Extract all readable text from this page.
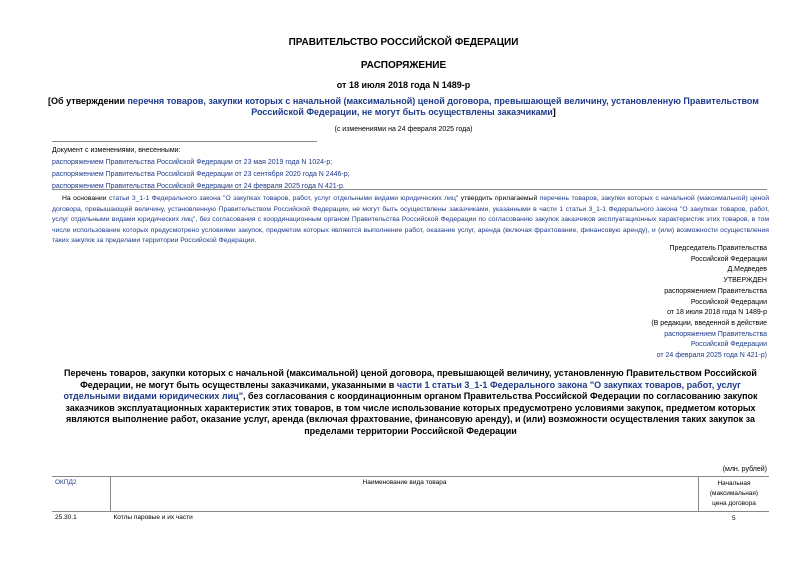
ПРАВИТЕЛЬСТВО РОССИЙСКОЙ ФЕДЕРАЦИИ
РАСПОРЯЖЕНИЕ
от 18 июля 2018 года N 1489-р
[Об утверждении перечня товаров, закупки которых с начальной (максимальной) ценой договора, превышающей величину, установленную Правительством Российской Федерации, не могут быть осуществлены заказчиками]
(с изменениями на 24 февраля 2025 года)
Документ с изменениями, внесенными:
распоряжением Правительства Российской Федерации от 23 мая 2019 года N 1024-р;
распоряжением Правительства Российской Федерации от 23 сентября 2020 года N 2446-р;
распоряжением Правительства Российской Федерации от 24 февраля 2025 года N 421-р.
На основании статьи 3_1-1 Федерального закона "О закупках товаров, работ, услуг отдельными видами юридических лиц" утвердить прилагаемый перечень товаров, закупки которых с начальной (максимальной) ценой договора, превышающей величину, установленную Правительством Российской Федерации, не могут быть осуществлены заказчиками, указанными в части 1 статьи 3_1-1 Федерального закона "О закупках товаров, работ, услуг отдельными видами юридических лиц", без согласования с координационным органом Правительства Российской Федерации по согласованию закупок заказчиков эксплуатационных характеристик этих товаров, в том числе использование которых предусмотрено условиями закупок, предметом которых являются выполнение работ, оказание услуг, аренда (включая фрахтование, финансовую аренду), и (или) возможности осуществления таких закупок за пределами территории Российской Федерации.
Председатель Правительства
Российской Федерации
Д.Медведев
УТВЕРЖДЕН
распоряжением Правительства
Российской Федерации
от 18 июля 2018 года N 1489-р
(В редакции, введенной в действие
распоряжением Правительства
Российской Федерации
от 24 февраля 2025 года N 421-р)
Перечень товаров, закупки которых с начальной (максимальной) ценой договора, превышающей величину, установленную Правительством Российской Федерации, не могут быть осуществлены заказчиками, указанными в части 1 статьи 3_1-1 Федерального закона "О закупках товаров, работ, услуг отдельными видами юридических лиц", без согласования с координационным органом Правительства Российской Федерации по согласованию закупок заказчиков эксплуатационных характеристик этих товаров, в том числе использование которых предусмотрено условиями закупок, предметом которых являются выполнение работ, оказание услуг, аренда (включая фрахтование, финансовую аренду), и (или) возможности осуществления таких закупок за пределами территории Российской Федерации
(млн. рублей)
ОКПД2	Наименование вида товара	Начальная (максимальная) цена договора
25.30.1	Котлы паровые и их части	5
